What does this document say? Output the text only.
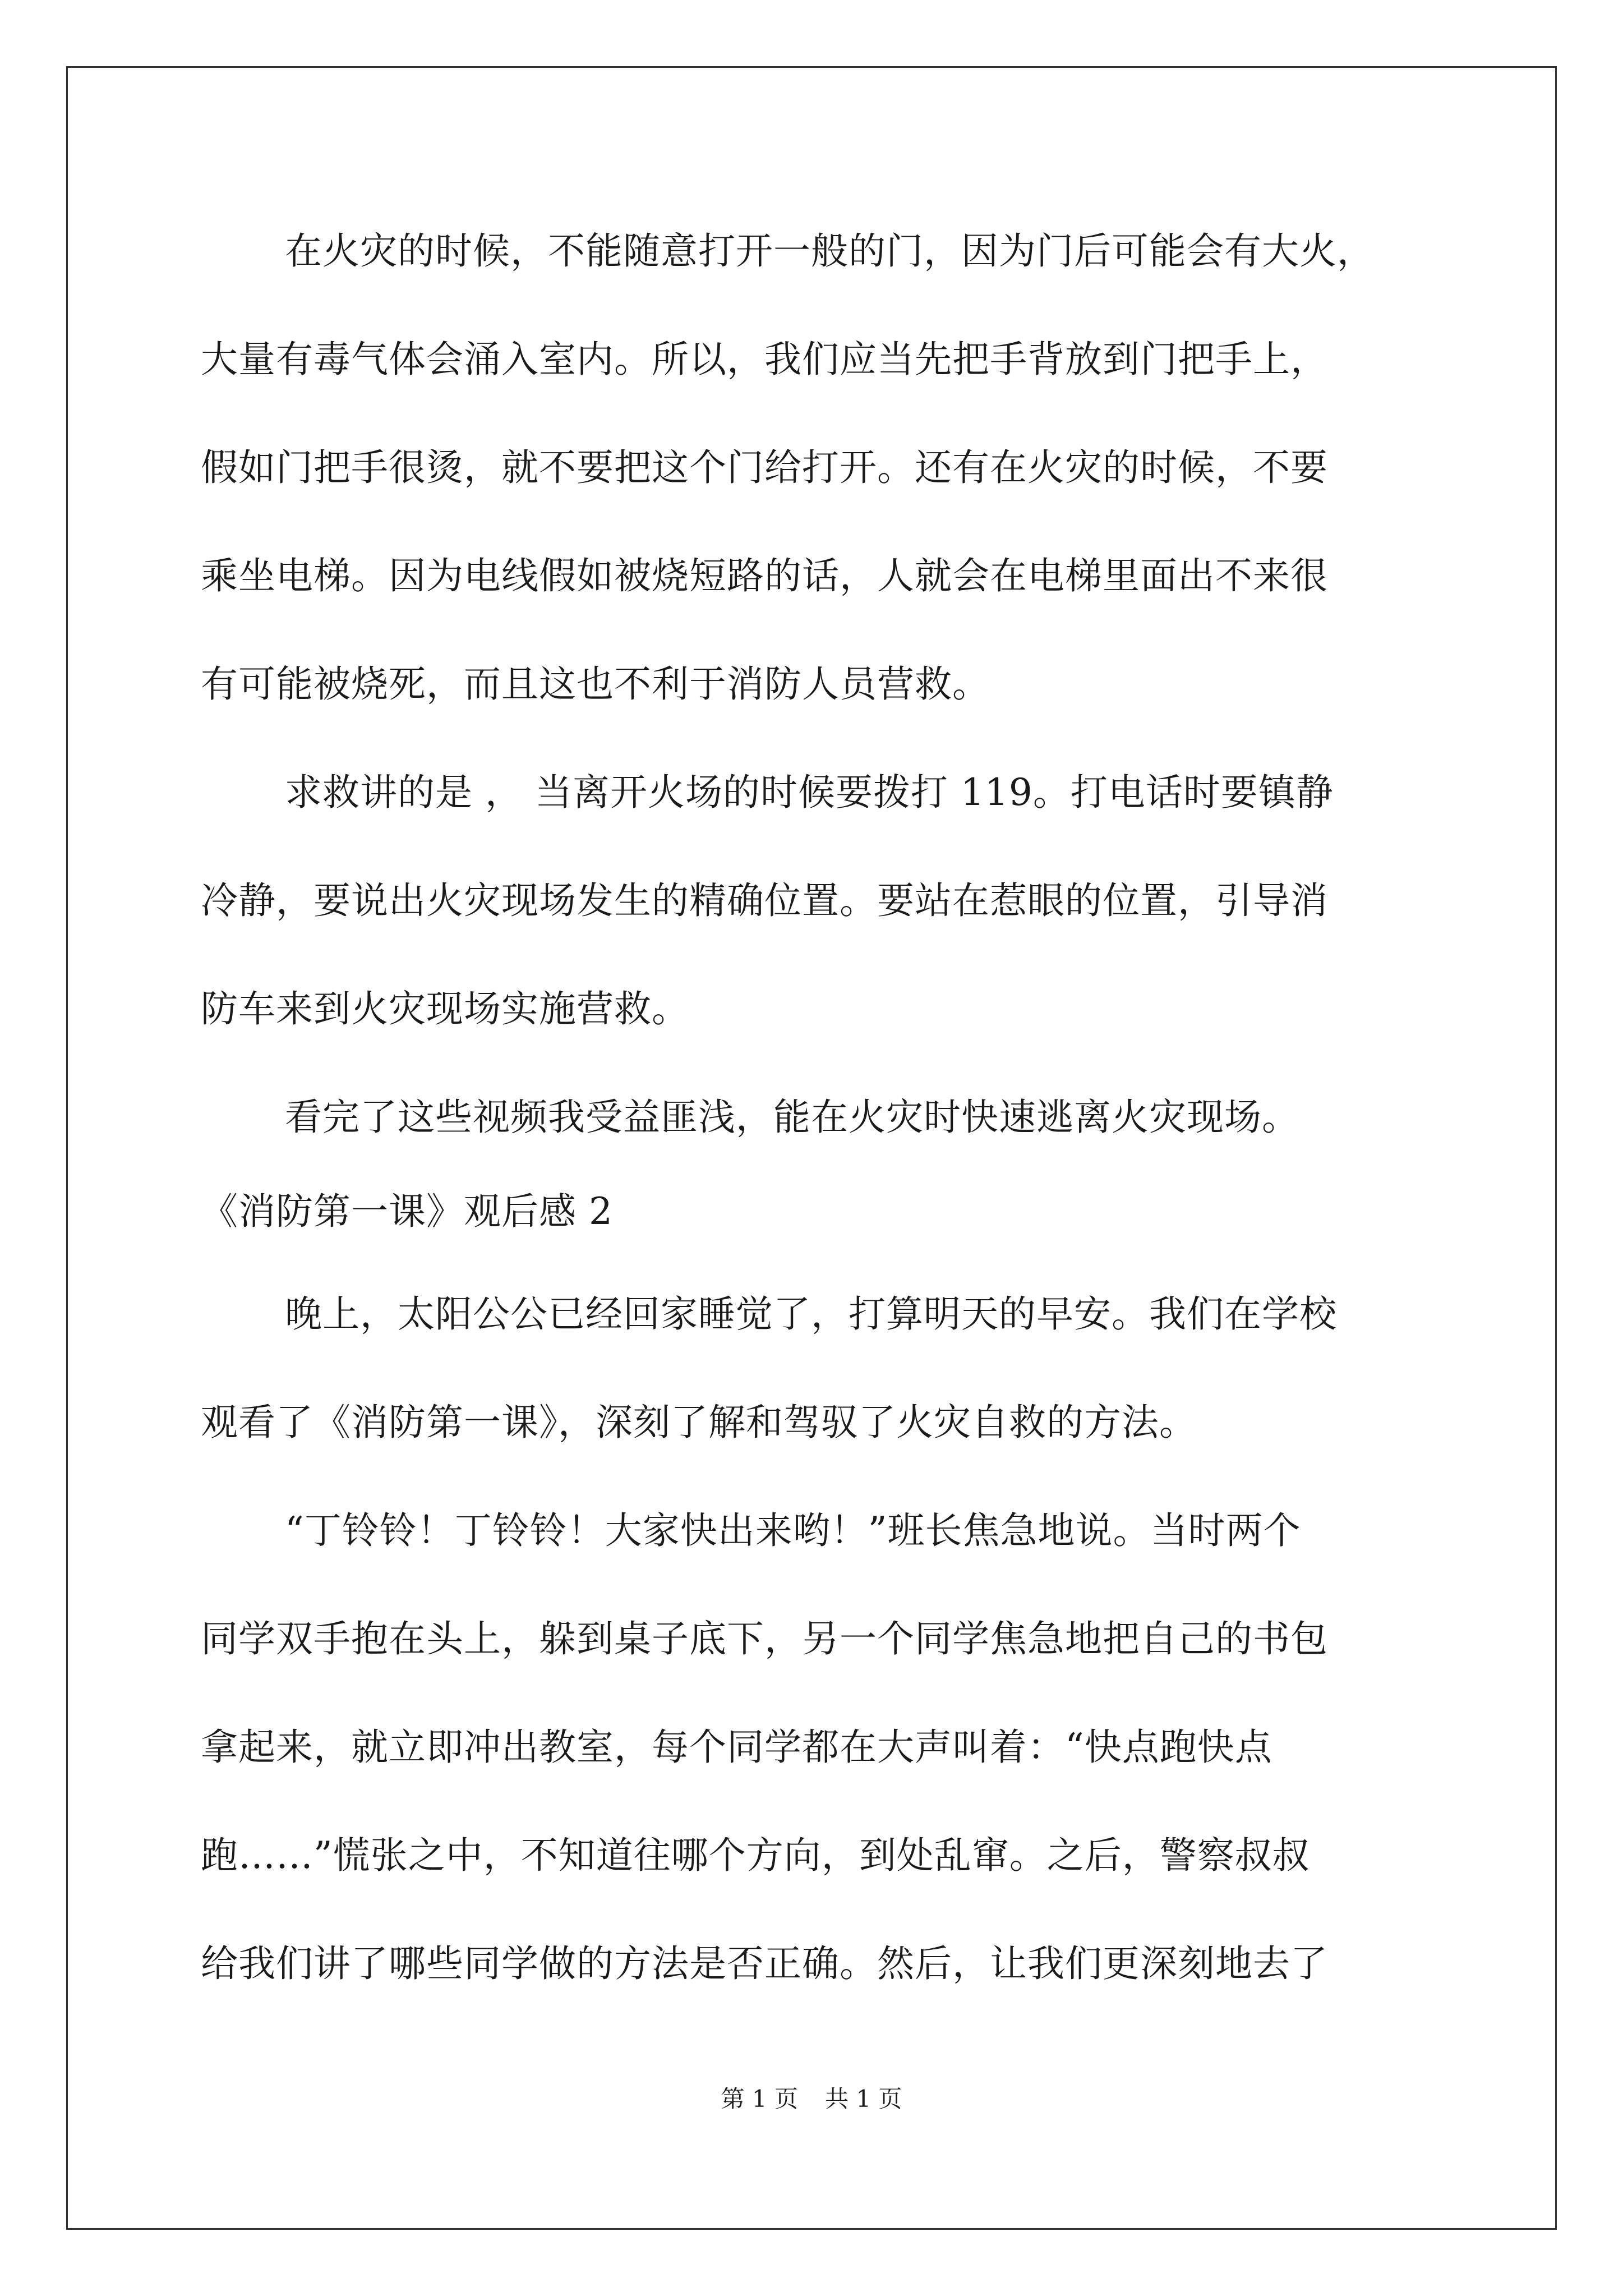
在火灾的时候，不能随意打开一般的门，因为门后可能会有大火，
大量有毒气体会涌入室内。所以，我们应当先把手背放到门把手上，
假如门把手很烫，就不要把这个门给打开。还有在火灾的时候，不要
乘坐电梯。因为电线假如被烧短路的话，人就会在电梯里面出不来很
有可能被烧死，而且这也不利于消防人员营救。
求救讲的是 ， 当离开火场的时候要拨打 119。打电话时要镇静
冷静，要说出火灾现场发生的精确位置。要站在惹眼的位置，引导消
防车来到火灾现场实施营救。
看完了这些视频我受益匪浅，能在火灾时快速逃离火灾现场。
《消防第一课》观后感 2
晚上，太阳公公已经回家睡觉了，打算明天的早安。我们在学校
观看了《消防第一课》，深刻了解和驾驭了火灾自救的方法。
“丁铃铃！丁铃铃！大家快出来哟！”班长焦急地说。当时两个
同学双手抱在头上，躲到桌子底下，另一个同学焦急地把自己的书包
拿起来，就立即冲出教室，每个同学都在大声叫着：“快点跑快点
跑……”慌张之中，不知道往哪个方向，到处乱窜。之后，警察叔叔
给我们讲了哪些同学做的方法是否正确。然后，让我们更深刻地去了
第 1 页 共 1 页
